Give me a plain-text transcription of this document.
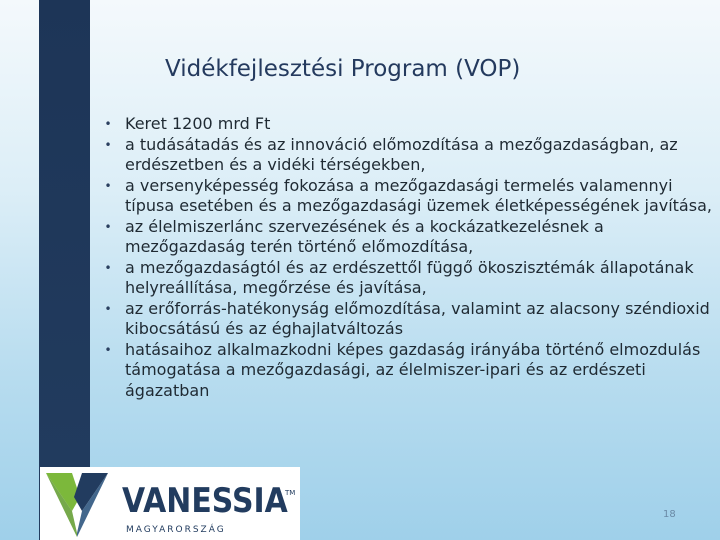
Vidékfejlesztési Program (VOP)
• Keret 1200 mrd Ft
• a tudásátadás és az innováció előmozdítása a mezőgazdaságban, az erdészetben és a vidéki térségekben,
• a versenyképesség fokozása a mezőgazdasági termelés valamennyi típusa esetében és a mezőgazdasági üzemek életképességének javítása,
• az élelmiszerlánc szervezésének és a kockázatkezelésnek a mezőgazdaság terén történő előmozdítása,
• a mezőgazdaságtól és az erdészettől függő ökoszisztémák állapotának helyreállítása, megőrzése és javítása,
• az erőforrás-hatékonyság előmozdítása, valamint az alacsony széndioxid kibocsátású és az éghajlatváltozás
• hatásaihoz alkalmazkodni képes gazdaság irányába történő elmozdulás támogatása a mezőgazdasági, az élelmiszer-ipari és az erdészeti ágazatban
VANESSIA
TM
MAGYARORSZÁG
18
